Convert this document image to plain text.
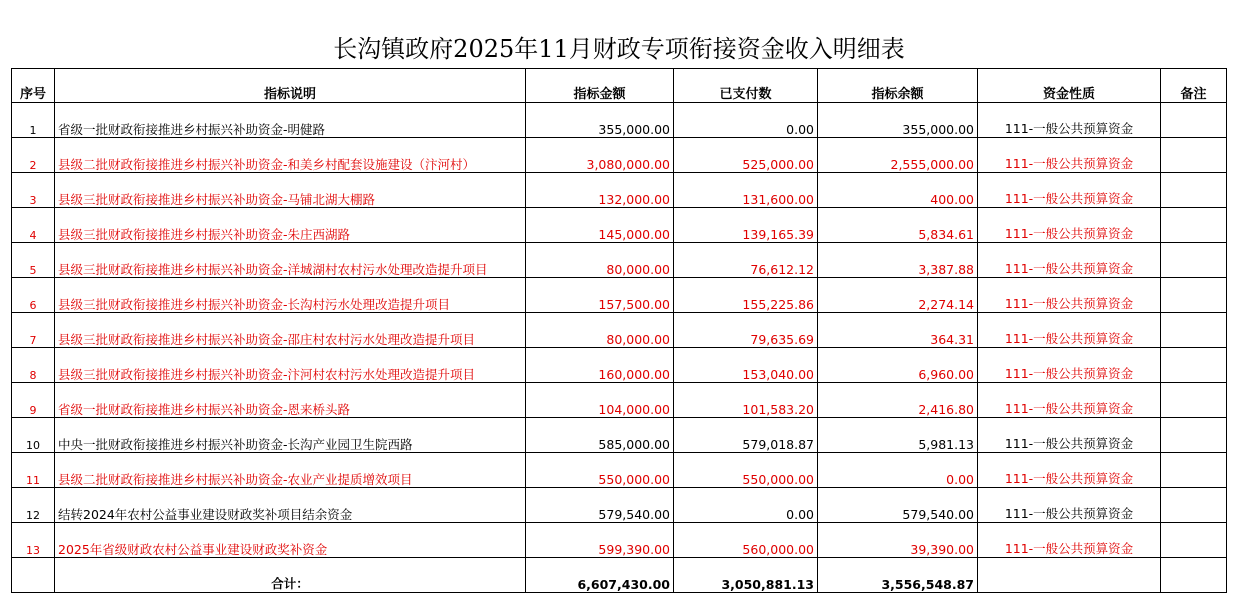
长沟镇政府2025年11月财政专项衔接资金收入明细表
序号	指标说明	指标金额	已支付数	指标余额	资金性质	备注
1	省级一批财政衔接推进乡村振兴补助资金-明健路	355,000.00	0.00	355,000.00	111-一般公共预算资金	
2	县级二批财政衔接推进乡村振兴补助资金-和美乡村配套设施建设（汴河村）	3,080,000.00	525,000.00	2,555,000.00	111-一般公共预算资金	
3	县级三批财政衔接推进乡村振兴补助资金-马铺北湖大棚路	132,000.00	131,600.00	400.00	111-一般公共预算资金	
4	县级三批财政衔接推进乡村振兴补助资金-朱庄西湖路	145,000.00	139,165.39	5,834.61	111-一般公共预算资金	
5	县级三批财政衔接推进乡村振兴补助资金-洋城湖村农村污水处理改造提升项目	80,000.00	76,612.12	3,387.88	111-一般公共预算资金	
6	县级三批财政衔接推进乡村振兴补助资金-长沟村污水处理改造提升项目	157,500.00	155,225.86	2,274.14	111-一般公共预算资金	
7	县级三批财政衔接推进乡村振兴补助资金-邵庄村农村污水处理改造提升项目	80,000.00	79,635.69	364.31	111-一般公共预算资金	
8	县级三批财政衔接推进乡村振兴补助资金-汴河村农村污水处理改造提升项目	160,000.00	153,040.00	6,960.00	111-一般公共预算资金	
9	省级一批财政衔接推进乡村振兴补助资金-恩来桥头路	104,000.00	101,583.20	2,416.80	111-一般公共预算资金	
10	中央一批财政衔接推进乡村振兴补助资金-长沟产业园卫生院西路	585,000.00	579,018.87	5,981.13	111-一般公共预算资金	
11	县级二批财政衔接推进乡村振兴补助资金-农业产业提质增效项目	550,000.00	550,000.00	0.00	111-一般公共预算资金	
12	结转2024年农村公益事业建设财政奖补项目结余资金	579,540.00	0.00	579,540.00	111-一般公共预算资金	
13	2025年省级财政农村公益事业建设财政奖补资金	599,390.00	560,000.00	39,390.00	111-一般公共预算资金	
	合计：	6,607,430.00	3,050,881.13	3,556,548.87		
